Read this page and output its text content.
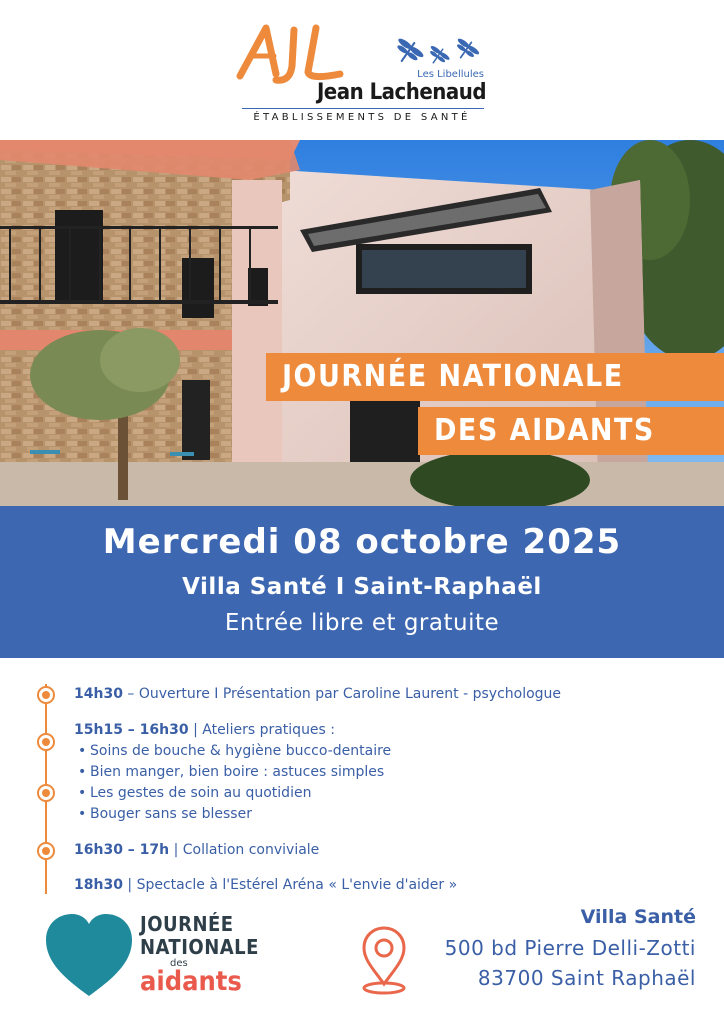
Les Libellules
Jean Lachenaud
ÉTABLISSEMENTS DE SANTÉ
JOURNÉE NATIONALE
DES AIDANTS
Mercredi 08 octobre 2025
Villa Santé I Saint-Raphaël
Entrée libre et gratuite
14h30 – Ouverture I Présentation par Caroline Laurent - psychologue
15h15 – 16h30 | Ateliers pratiques :
• Soins de bouche & hygiène bucco-dentaire
• Bien manger, bien boire : astuces simples
• Les gestes de soin au quotidien
• Bouger sans se blesser
16h30 – 17h | Collation conviviale
18h30 | Spectacle à l'Estérel Aréna « L'envie d'aider »
JOURNÉE
NATIONALE
des
aidants
Villa Santé
500 bd Pierre Delli-Zotti
83700 Saint Raphaël
